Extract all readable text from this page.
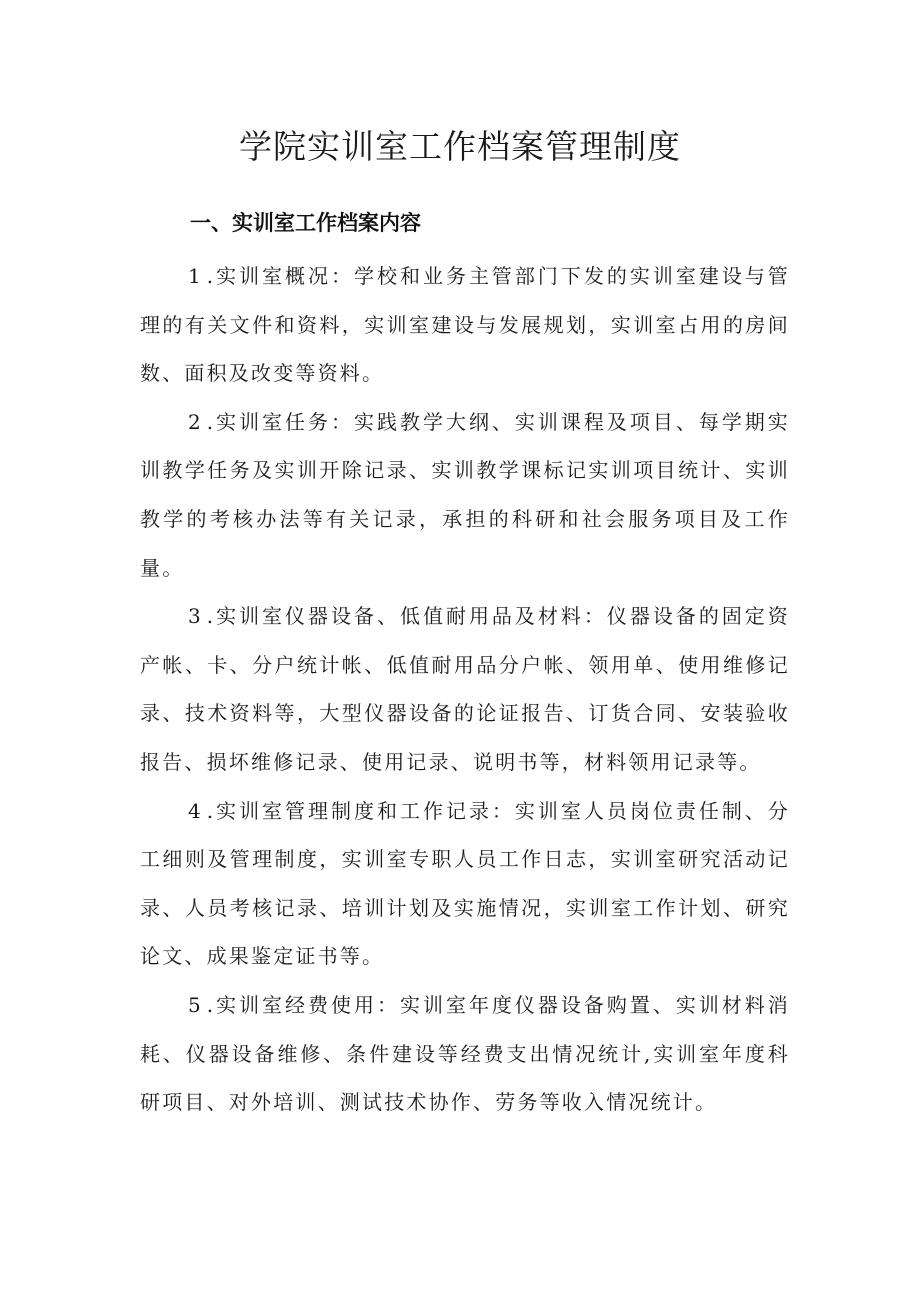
学院实训室工作档案管理制度
一、实训室工作档案内容

1.实训室概况：学校和业务主管部门下发的实训室建设与管理的有关文件和资料，实训室建设与发展规划，实训室占用的房间数、面积及改变等资料。

2.实训室任务：实践教学大纲、实训课程及项目、每学期实训教学任务及实训开除记录、实训教学课标记实训项目统计、实训教学的考核办法等有关记录，承担的科研和社会服务项目及工作量。

3.实训室仪器设备、低值耐用品及材料：仪器设备的固定资产帐、卡、分户统计帐、低值耐用品分户帐、领用单、使用维修记录、技术资料等，大型仪器设备的论证报告、订货合同、安装验收报告、损坏维修记录、使用记录、说明书等，材料领用记录等。

4.实训室管理制度和工作记录：实训室人员岗位责任制、分工细则及管理制度，实训室专职人员工作日志，实训室研究活动记录、人员考核记录、培训计划及实施情况，实训室工作计划、研究论文、成果鉴定证书等。

5.实训室经费使用：实训室年度仪器设备购置、实训材料消耗、仪器设备维修、条件建设等经费支出情况统计,实训室年度科研项目、对外培训、测试技术协作、劳务等收入情况统计。
